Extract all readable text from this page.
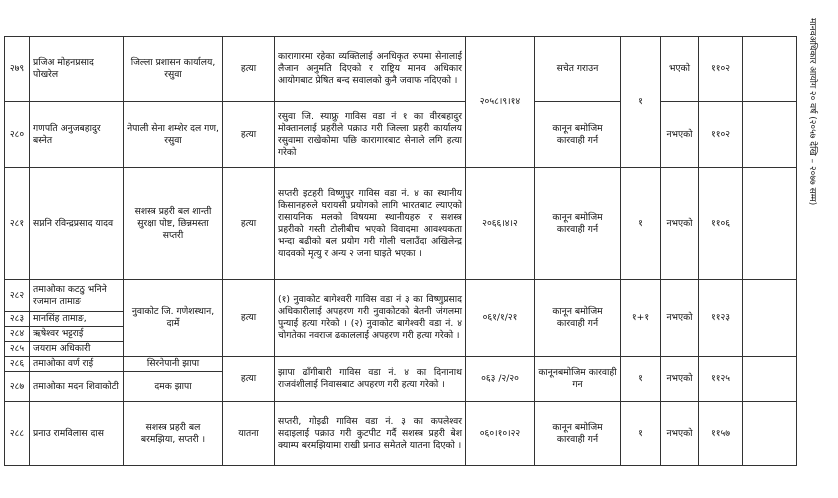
मानवअधिकार आयोग २० वर्ष (२०५७ देखि – २०७७ सम्म)
२७९	प्रजिअ मोहनप्रसाद पोखरेल	जिल्ला प्रशासन कार्यालय, रसुवा	हत्या	कारागारमा रहेका व्यक्तिलाई अनधिकृत रुपमा सेनालाई लैजान अनुमति दिएको र राष्ट्रिय मानव अधिकार आयोगबाट प्रेषित बन्द सवालको कुनै जवाफ नदिएको ।	२०५८।९।१४	सचेत गराउन	१	भएको	११०२	
२८०	गणपति अनुजबहादुर बस्नेत	नेपाली सेना शम्शेर दल गण, रसुवा	हत्या	रसुवा जि. स्याफ्रु गाविस वडा नं १ का वीरबहादुर मोक्तानलाई प्रहरीले पक्राउ गरी जिल्ला प्रहरी कार्यालय रसुवामा राखेकोमा पछि कारागारबाट सेनाले लगि हत्या गरेको		कानून बमोजिम कारवाही गर्न		नभएको	११०२	
२८१	सप्ननि रविन्द्रप्रसाद यादव	सशस्त्र प्रहरी बल शान्ती सुरक्षा पोष्ट, छिन्नमस्ता सप्तरी	हत्या	सप्तरी इटहरी विष्णुपुर गाविस वडा नं. ४ का स्थानीय किसानहरुले घरायसी प्रयोगको लागि भारतबाट ल्याएको रासायनिक मलको विषयमा स्थानीयहरु र सशस्त्र प्रहरीको गस्ती टोलीबीच भएको विवादमा आवश्यकता भन्दा बढीको बल प्रयोग गरी गोली चलाउँदा अखिलेन्द्र यादवको मृत्यु र अन्य २ जना घाइते भएका ।	२०६६।४।२	कानून बमोजिम कारवाही गर्न	१	नभएको	११०६	
२८२	तमाओका कटठु भनिने रजमान तामाङ	नुवाकोट जि. गणेशस्थान, दार्मे	हत्या	(१) नुवाकोट बागेश्वरी गाविस वडा नं ३ का विष्णुप्रसाद अधिकारीलाई अपहरण गरी नुवाकोटको बेतनी जंगलमा पुन्याई हत्या गरेको । (२) नुवाकोट बागेश्वरी वडा नं. ४ चोगतेका नवराज ढकाललाई अपहरण गरी हत्या गरेको ।	०६१/१/२१	कानून बमोजिम कारवाही गर्न	१+१	नभएको	११२३	
२८३	मानसिंह तामाङ,									
२८४	ऋषेश्वर भट्टराई									
२८५	जयराम अधिकारी									
२८६	तमाओका वर्ण राई	सिरनेपानी झापा	हत्या	झापा ढाँगीबारी गाविस वडा नं. ४ का दिनानाथ राजवंशीलाई निवासबाट अपहरण गरी हत्या गरेको ।	०६३ /२/२०	कानूनबमोजिम कारवाही गन	१	नभएको	११२५	
२८७	तमाओका मदन शिवाकोटी	दमक झापा								
२८८	प्रनाउ रामविलास दास	सशस्त्र प्रहरी बल बरमझिया, सप्तरी ।	यातना	सप्तरी, गोइढी गाविस वडा नं. ३ का कपलेश्वर सदाइलाई पक्राउ गरी कुटपीट गर्दै सशस्त्र प्रहरी बेश क्याम्प बरमझियामा राखी प्रनाउ समेतले यातना दिएको ।	०६०।१०।२२	कानून बमोजिम कारवाही गर्न	१	नभएको	११५७	
